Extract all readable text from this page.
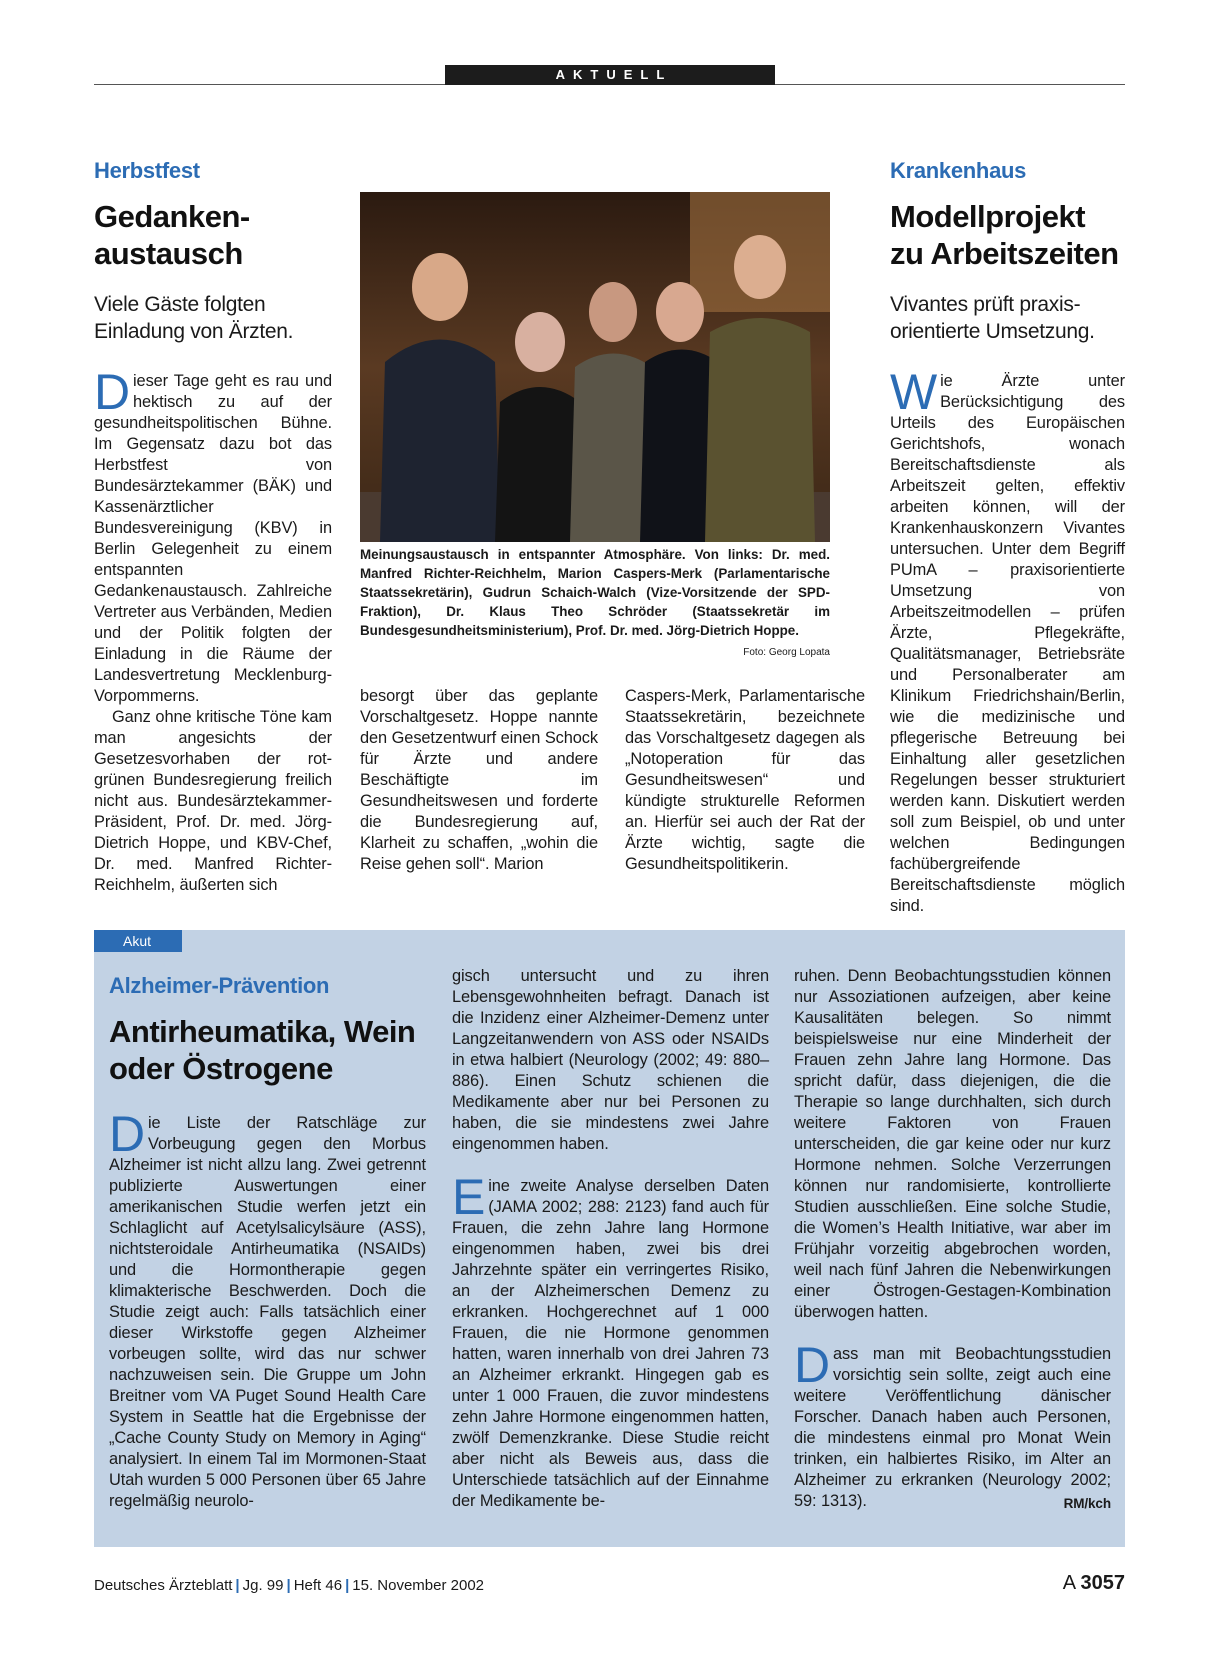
AKTUELL
Herbstfest
Gedanken-
austausch
Viele Gäste folgten
Einladung von Ärzten.

Dieser Tage geht es rau und hektisch zu auf der gesundheitspolitischen Bühne. Im Gegensatz dazu bot das Herbstfest von Bundesärztekammer (BÄK) und Kassenärztlicher Bundesvereinigung (KBV) in Berlin Gelegenheit zu einem entspannten Gedankenaustausch. Zahlreiche Vertreter aus Verbänden, Medien und der Politik folgten der Einladung in die Räume der Landesvertretung Mecklenburg-Vorpommerns.

Ganz ohne kritische Töne kam man angesichts der Gesetzesvorhaben der rot-grünen Bundesregierung freilich nicht aus. Bundesärztekammer-Präsident, Prof. Dr. med. Jörg-Dietrich Hoppe, und KBV-Chef, Dr. med. Manfred Richter-Reichhelm, äußerten sich

Meinungsaustausch in entspannter Atmosphäre. Von links: Dr. med. Manfred Richter-Reichhelm, Marion Caspers-Merk (Parlamentarische Staatssekretärin), Gudrun Schaich-Walch (Vize-Vorsitzende der SPD-Fraktion), Dr. Klaus Theo Schröder (Staatssekretär im Bundesgesundheitsministerium), Prof. Dr. med. Jörg-Dietrich Hoppe.
Foto: Georg Lopata
besorgt über das geplante Vorschaltgesetz. Hoppe nannte den Gesetzentwurf einen Schock für Ärzte und andere Beschäftigte im Gesundheitswesen und forderte die Bundesregierung auf, Klarheit zu schaffen, „wohin die Reise gehen soll“. Marion
Caspers-Merk, Parlamentarische Staatssekretärin, bezeichnete das Vorschaltgesetz dagegen als „Notoperation für das Gesundheitswesen“ und kündigte strukturelle Reformen an. Hierfür sei auch der Rat der Ärzte wichtig, sagte die Gesundheitspolitikerin.
Krankenhaus
Modellprojekt
zu Arbeitszeiten
Vivantes prüft praxis-
orientierte Umsetzung.

Wie Ärzte unter Berücksichtigung des Urteils des Europäischen Gerichtshofs, wonach Bereitschaftsdienste als Arbeitszeit gelten, effektiv arbeiten können, will der Krankenhauskonzern Vivantes untersuchen. Unter dem Begriff PUmA – praxisorientierte Umsetzung von Arbeitszeitmodellen – prüfen Ärzte, Pflegekräfte, Qualitätsmanager, Betriebsräte und Personalberater am Klinikum Friedrichshain/Berlin, wie die medizinische und pflegerische Betreuung bei Einhaltung aller gesetzlichen Regelungen besser strukturiert werden kann. Diskutiert werden soll zum Beispiel, ob und unter welchen Bedingungen fachübergreifende Bereitschaftsdienste möglich sind.

Akut
Alzheimer-Prävention
Antirheumatika, Wein
oder Östrogene

Die Liste der Ratschläge zur Vorbeugung gegen den Morbus Alzheimer ist nicht allzu lang. Zwei getrennt publizierte Auswertungen einer amerikanischen Studie werfen jetzt ein Schlaglicht auf Acetylsalicylsäure (ASS), nichtsteroidale Antirheumatika (NSAIDs) und die Hormontherapie gegen klimakterische Beschwerden. Doch die Studie zeigt auch: Falls tatsächlich einer dieser Wirkstoffe gegen Alzheimer vorbeugen sollte, wird das nur schwer nachzuweisen sein. Die Gruppe um John Breitner vom VA Puget Sound Health Care System in Seattle hat die Ergebnisse der „Cache County Study on Memory in Aging“ analysiert. In einem Tal im Mormonen-Staat Utah wurden 5 000 Personen über 65 Jahre regelmäßig neurolo-

gisch untersucht und zu ihren Lebensgewohnheiten befragt. Danach ist die Inzidenz einer Alzheimer-Demenz unter Langzeitanwendern von ASS oder NSAIDs in etwa halbiert (Neurology (2002; 49: 880–886). Einen Schutz schienen die Medikamente aber nur bei Personen zu haben, die sie mindestens zwei Jahre eingenommen haben.

Eine zweite Analyse derselben Daten (JAMA 2002; 288: 2123) fand auch für Frauen, die zehn Jahre lang Hormone eingenommen haben, zwei bis drei Jahrzehnte später ein verringertes Risiko, an der Alzheimerschen Demenz zu erkranken. Hochgerechnet auf 1 000 Frauen, die nie Hormone genommen hatten, waren innerhalb von drei Jahren 73 an Alzheimer erkrankt. Hingegen gab es unter 1 000 Frauen, die zuvor mindestens zehn Jahre Hormone eingenommen hatten, zwölf Demenzkranke. Diese Studie reicht aber nicht als Beweis aus, dass die Unterschiede tatsächlich auf der Einnahme der Medikamente be-

ruhen. Denn Beobachtungsstudien können nur Assoziationen aufzeigen, aber keine Kausalitäten belegen. So nimmt beispielsweise nur eine Minderheit der Frauen zehn Jahre lang Hormone. Das spricht dafür, dass diejenigen, die die Therapie so lange durchhalten, sich durch weitere Faktoren von Frauen unterscheiden, die gar keine oder nur kurz Hormone nehmen. Solche Verzerrungen können nur randomisierte, kontrollierte Studien ausschließen. Eine solche Studie, die Women’s Health Initiative, war aber im Frühjahr vorzeitig abgebrochen worden, weil nach fünf Jahren die Nebenwirkungen einer Östrogen-Gestagen-Kombination überwogen hatten.

Dass man mit Beobachtungsstudien vorsichtig sein sollte, zeigt auch eine weitere Veröffentlichung dänischer Forscher. Danach haben auch Personen, die mindestens einmal pro Monat Wein trinken, ein halbiertes Risiko, im Alter an Alzheimer zu erkranken (Neurology 2002; 59: 1313).	RM/kch

Deutsches Ärzteblatt | Jg. 99 | Heft 46 | 15. November 2002	A 3057
